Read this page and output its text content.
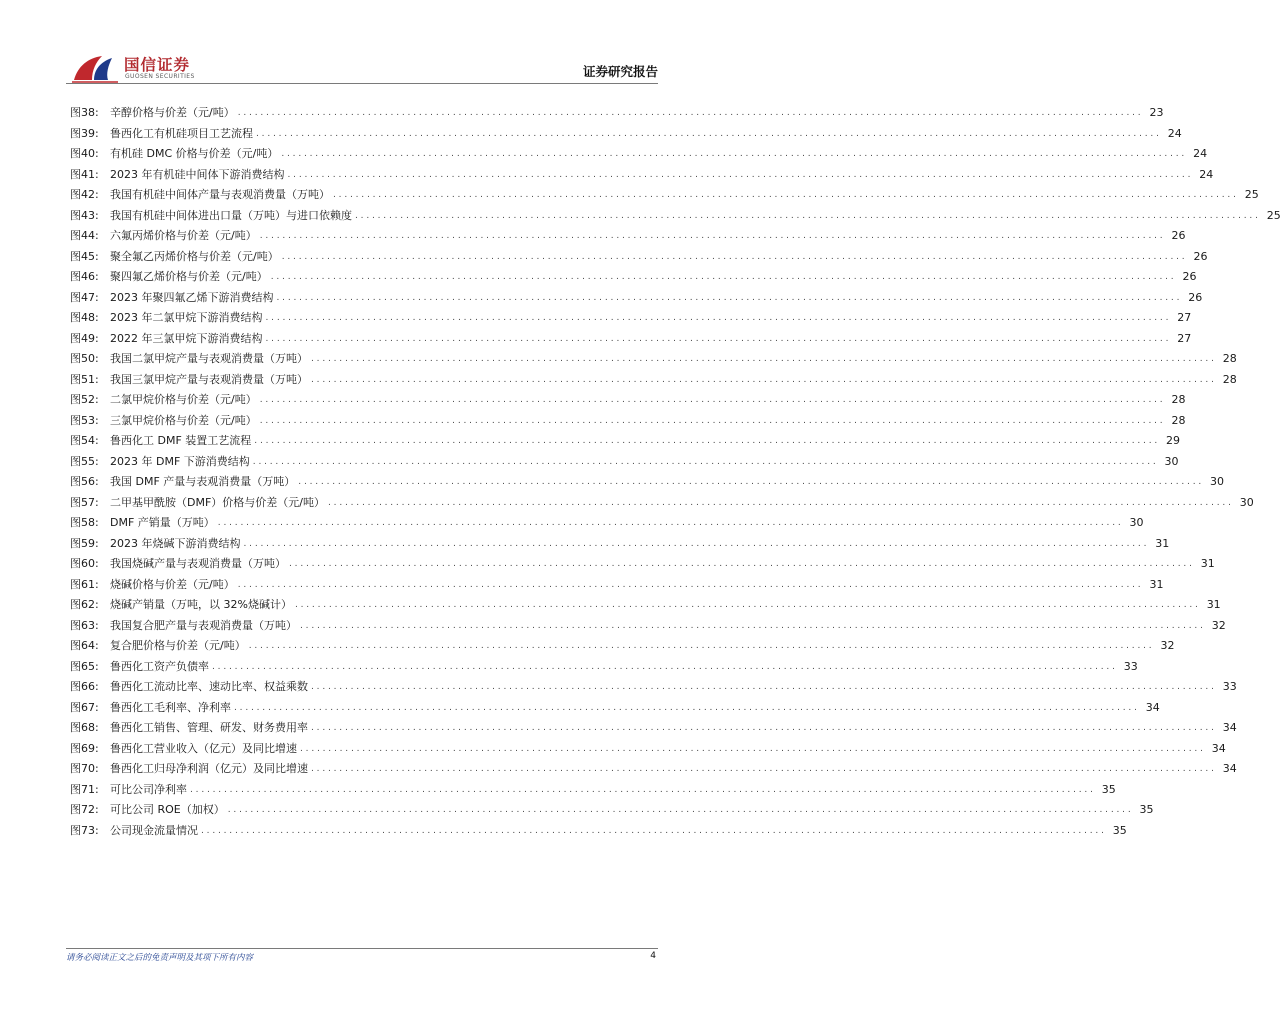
国信证券
GUOSEN SECURITIES	证券研究报告
图38:	辛醇价格与价差（元/吨） ................................................................................................................................................................ 23
图39:	鲁西化工有机硅项目工艺流程 ................................................................................................................................................................ 24
图40:	有机硅 DMC 价格与价差（元/吨） ................................................................................................................................................................ 24
图41:	2023 年有机硅中间体下游消费结构 ................................................................................................................................................................ 24
图42:	我国有机硅中间体产量与表观消费量（万吨） ................................................................................................................................................................ 25
图43:	我国有机硅中间体进出口量（万吨）与进口依赖度 ................................................................................................................................................................ 25
图44:	六氟丙烯价格与价差（元/吨） ................................................................................................................................................................ 26
图45:	聚全氟乙丙烯价格与价差（元/吨） ................................................................................................................................................................ 26
图46:	聚四氟乙烯价格与价差（元/吨） ................................................................................................................................................................ 26
图47:	2023 年聚四氟乙烯下游消费结构 ................................................................................................................................................................ 26
图48:	2023 年二氯甲烷下游消费结构 ................................................................................................................................................................ 27
图49:	2022 年三氯甲烷下游消费结构 ................................................................................................................................................................ 27
图50:	我国二氯甲烷产量与表观消费量（万吨） ................................................................................................................................................................ 28
图51:	我国三氯甲烷产量与表观消费量（万吨） ................................................................................................................................................................ 28
图52:	二氯甲烷价格与价差（元/吨） ................................................................................................................................................................ 28
图53:	三氯甲烷价格与价差（元/吨） ................................................................................................................................................................ 28
图54:	鲁西化工 DMF 装置工艺流程 ................................................................................................................................................................ 29
图55:	2023 年 DMF 下游消费结构 ................................................................................................................................................................ 30
图56:	我国 DMF 产量与表观消费量（万吨） ................................................................................................................................................................ 30
图57:	二甲基甲酰胺（DMF）价格与价差（元/吨） ................................................................................................................................................................ 30
图58:	DMF 产销量（万吨） ................................................................................................................................................................ 30
图59:	2023 年烧碱下游消费结构 ................................................................................................................................................................ 31
图60:	我国烧碱产量与表观消费量（万吨） ................................................................................................................................................................ 31
图61:	烧碱价格与价差（元/吨） ................................................................................................................................................................ 31
图62:	烧碱产销量（万吨，以 32%烧碱计） ................................................................................................................................................................ 31
图63:	我国复合肥产量与表观消费量（万吨） ................................................................................................................................................................ 32
图64:	复合肥价格与价差（元/吨） ................................................................................................................................................................ 32
图65:	鲁西化工资产负债率 ................................................................................................................................................................ 33
图66:	鲁西化工流动比率、速动比率、权益乘数 ................................................................................................................................................................ 33
图67:	鲁西化工毛利率、净利率 ................................................................................................................................................................ 34
图68:	鲁西化工销售、管理、研发、财务费用率 ................................................................................................................................................................ 34
图69:	鲁西化工营业收入（亿元）及同比增速 ................................................................................................................................................................ 34
图70:	鲁西化工归母净利润（亿元）及同比增速 ................................................................................................................................................................ 34
图71:	可比公司净利率 ................................................................................................................................................................ 35
图72:	可比公司 ROE（加权） ................................................................................................................................................................ 35
图73:	公司现金流量情况 ................................................................................................................................................................ 35
请务必阅读正文之后的免责声明及其项下所有内容	4
